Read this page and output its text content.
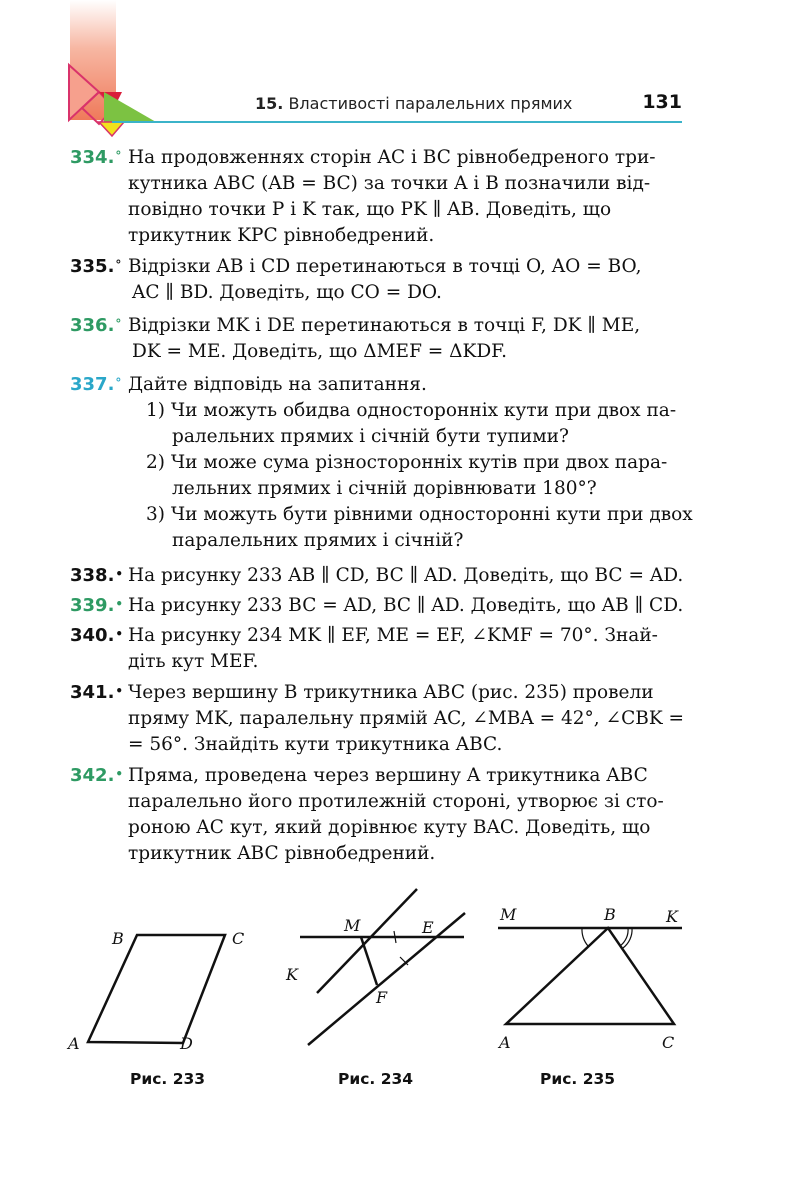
15. Властивості паралельних прямих	131
334.° На продовженнях сторін AC і BC рівнобедреного три-
кутника ABC (AB = BC) за точки A і B позначили від-
повідно точки P і K так, що PK ∥ AB. Доведіть, що
трикутник KPC рівнобедрений.
335.° Відрізки AB і CD перетинаються в точці O, AO = BO,
AC ∥ BD. Доведіть, що CO = DO.
336.° Відрізки MK і DE перетинаються в точці F, DK ∥ ME,
DK = ME. Доведіть, що ΔMEF = ΔKDF.
337.° Дайте відповідь на запитання.
1) Чи можуть обидва односторонніх кути при двох па-
ралельних прямих і січній бути тупими?
2) Чи може сума різносторонніх кутів при двох пара-
лельних прямих і січній дорівнювати 180°?
3) Чи можуть бути рівними односторонні кути при двох
паралельних прямих і січній?
338.• На рисунку 233 AB ∥ CD, BC ∥ AD. Доведіть, що BC = AD.
339.• На рисунку 233 BC = AD, BC ∥ AD. Доведіть, що AB ∥ CD.
340.• На рисунку 234 MK ∥ EF, ME = EF, ∠KMF = 70°. Знай-
діть кут MEF.
341.• Через вершину B трикутника ABC (рис. 235) провели
пряму MK, паралельну прямій AC, ∠MBA = 42°, ∠CBK =
= 56°. Знайдіть кути трикутника ABC.
342.• Пряма, проведена через вершину A трикутника ABC
паралельно його протилежній стороні, утворює зі сто-
роною AC кут, який дорівнює куту BAC. Доведіть, що
трикутник ABC рівнобедрений.
B	C
A	D
Рис. 233
M	E
K
F
Рис. 234
M	B	K
A	C
Рис. 235
